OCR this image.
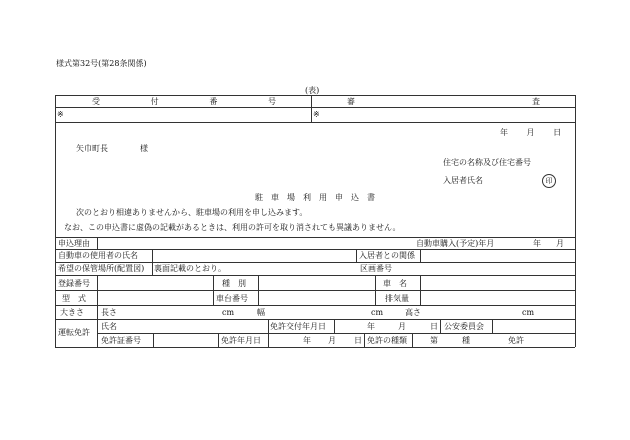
様式第32号(第28条関係)
(表)
受	付	番	号	審	査
※	※
年 月 日
矢巾町長	様
住宅の名称及び住宅番号
入居者氏名	印
駐 車 場 利 用 申 込 書
次のとおり相違ありませんから、駐車場の利用を申し込みます。
なお、この申込書に虚偽の記載があるときは、利用の許可を取り消されても異議ありません。
申込理由	自動車購入(予定)年月	年 月
自動車の使用者の氏名	入居者との関係
希望の保管場所(配置図) 裏面記載のとおり。	区画番号
登録番号	種　別	車　名
型　式	車台番号	排気量
大きさ 長さ	cm	幅	cm	高さ	cm
運転免許
氏名	免許交付年月日	年	月	日 公安委員会
免許証番号	免許年月日	年 月 日 免許の種類	第	種	免許
